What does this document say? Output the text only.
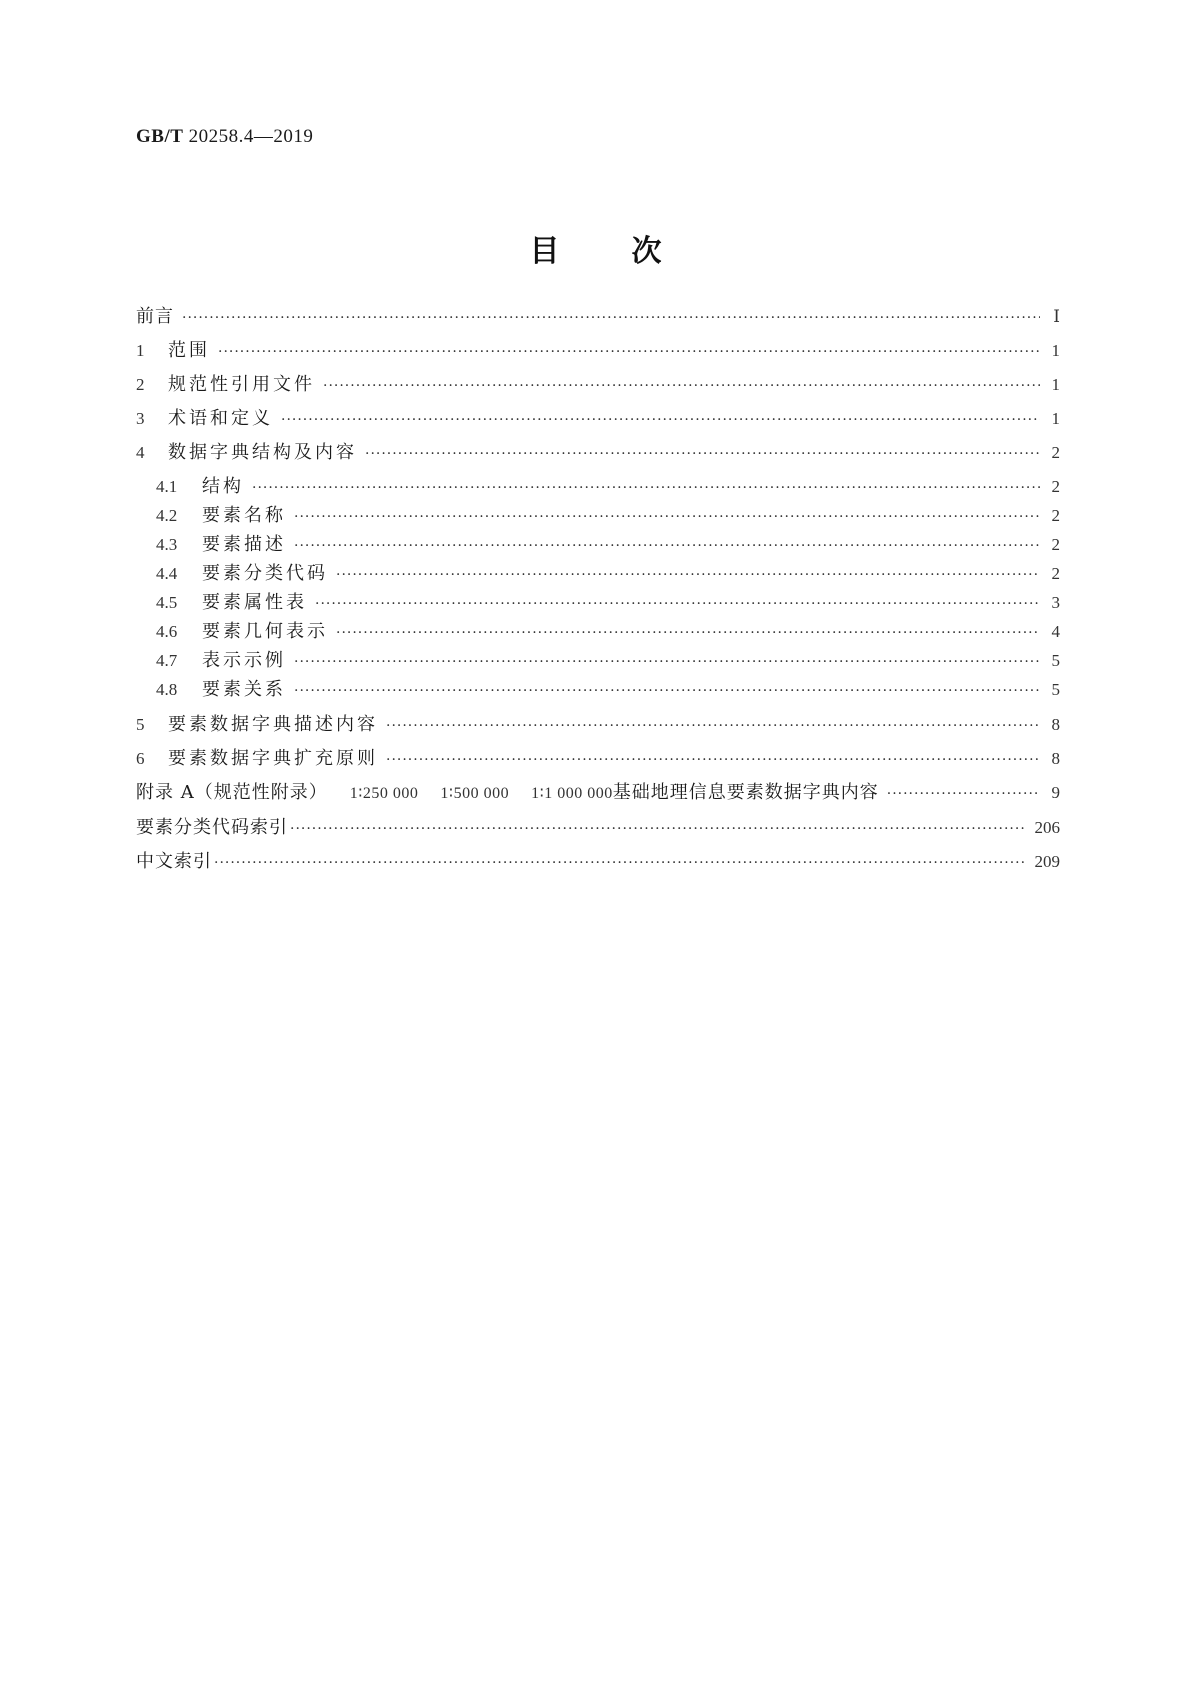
GB/T 20258.4—2019
目 次
前言 ·····	Ⅰ
1	范围 ·····	1
2	规范性引用文件 ·····	1
3	术语和定义 ·····	1
4	数据字典结构及内容 ·····	2
4.1	结构 ·····	2
4.2	要素名称 ·····	2
4.3	要素描述 ·····	2
4.4	要素分类代码 ·····	2
4.5	要素属性表 ·····	3
4.6	要素几何表示 ·····	4
4.7	表示示例 ·····	5
4.8	要素关系 ·····	5
5	要素数据字典描述内容 ·····	8
6	要素数据字典扩充原则 ·····	8
附录 A（规范性附录） 1∶250 000 1∶500 000 1∶1 000 000 基础地理信息要素数据字典内容 ·····	9
要素分类代码索引 ·····	206
中文索引 ·····	209
